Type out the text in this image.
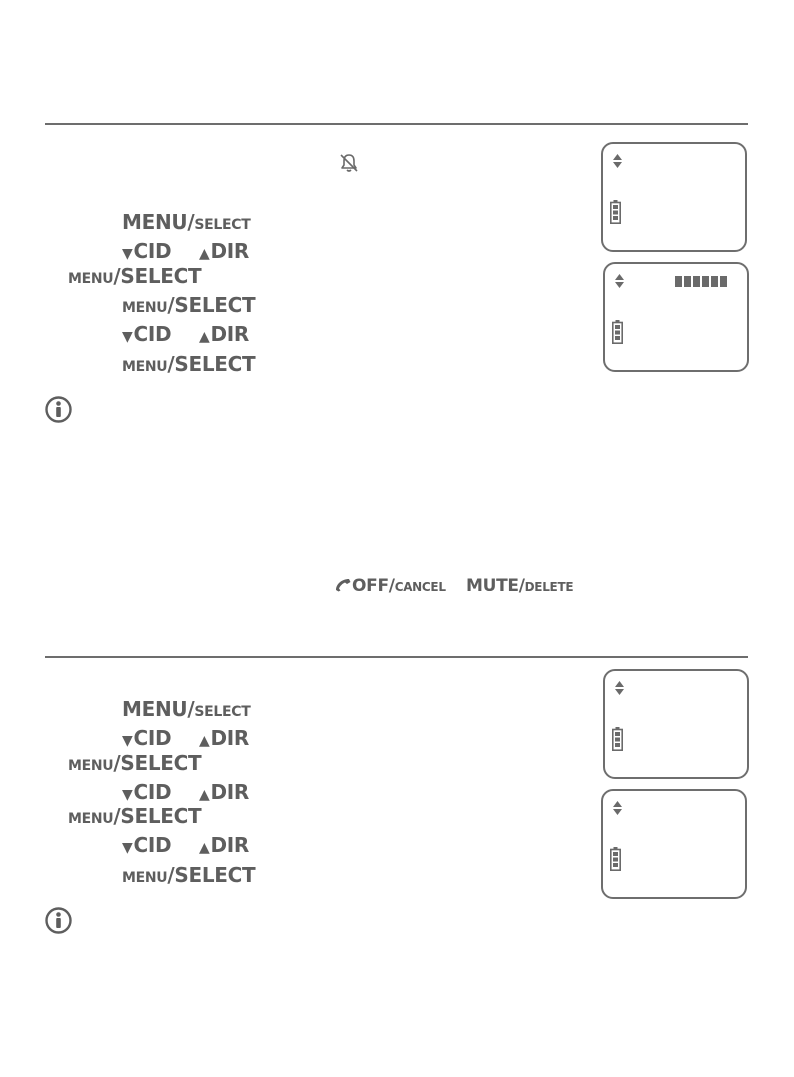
MENU/SELECT
▼CID ▲DIR
MENU/SELECT
MENU/SELECT
▼CID ▲DIR
MENU/SELECT
OFF/CANCEL MUTE/DELETE
MENU/SELECT
▼CID ▲DIR
MENU/SELECT
▼CID ▲DIR
MENU/SELECT
▼CID ▲DIR
MENU/SELECT
